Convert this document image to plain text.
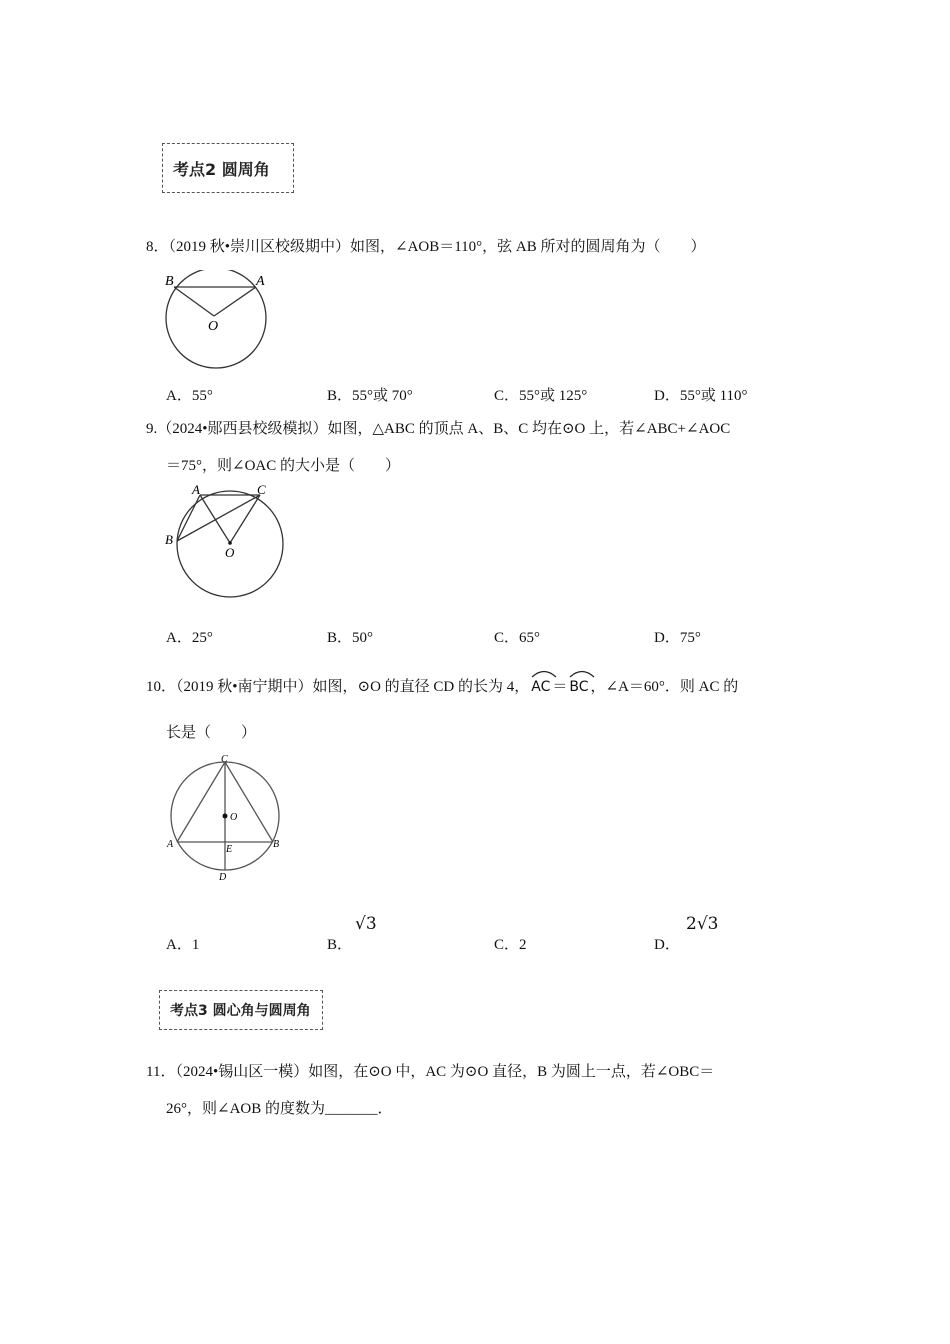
考点2 圆周角
8．（2019 秋•崇川区校级期中）如图，∠AOB＝110°，弦 AB 所对的圆周角为（　　）
B	A
O
A．55°	B．55°或 70°	C．55°或 125°	D．55°或 110°
9.（2024•郧西县校级模拟）如图，△ABC 的顶点 A、B、C 均在⊙O 上，若∠ABC+∠AOC
＝75°，则∠OAC 的大小是（　　）
A	C
B
O
A．25°	B．50°	C．65°	D．75°
10．（2019 秋•南宁期中）如图，⊙O 的直径 CD 的长为 4， AC ＝ BC ，∠A＝60°．则 AC 的
长是（　　）
C
O
A	E	B
D
A．1	B．
√3
C．2	D．
2√3
考点3 圆心角与圆周角
11．（2024•锡山区一模）如图，在⊙O 中，AC 为⊙O 直径，B 为圆上一点，若∠OBC＝
26°，则∠AOB 的度数为_______．
